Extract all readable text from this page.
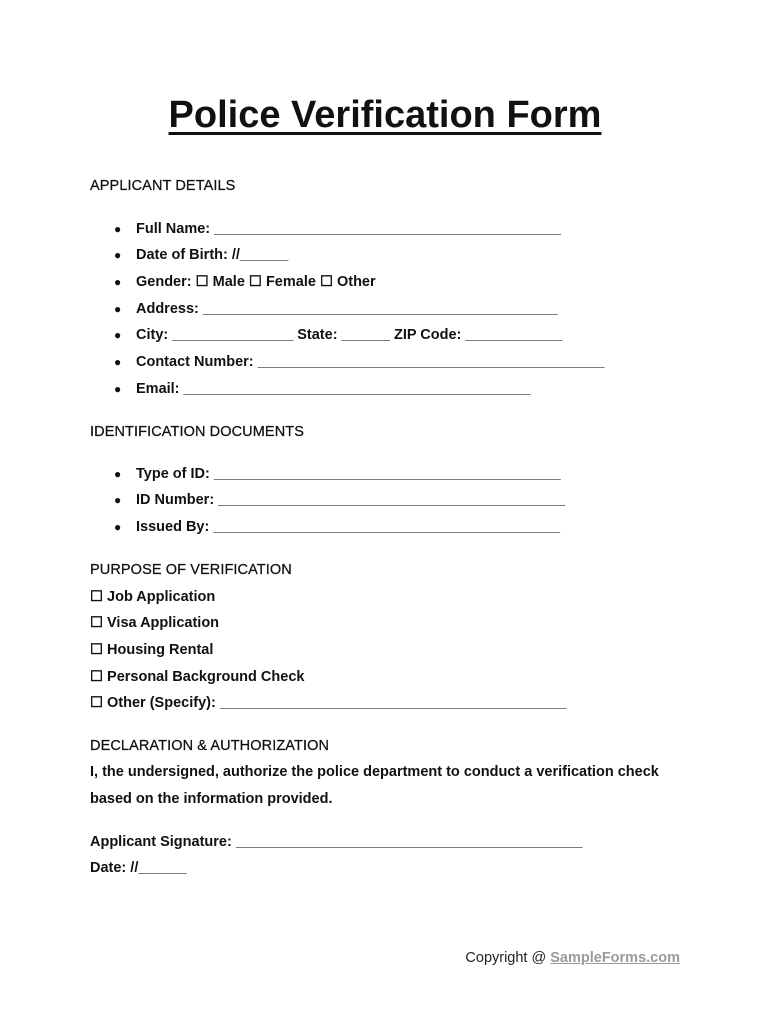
Police Verification Form
APPLICANT DETAILS
● Full Name: ___________________________________________
● Date of Birth: //______
● Gender: ☐ Male ☐ Female ☐ Other
● Address: ____________________________________________
● City: _______________ State: ______ ZIP Code: ____________
● Contact Number: ___________________________________________
● Email: ___________________________________________
IDENTIFICATION DOCUMENTS
● Type of ID: ___________________________________________
● ID Number: ___________________________________________
● Issued By: ___________________________________________
PURPOSE OF VERIFICATION

☐ Job Application

☐ Visa Application

☐ Housing Rental

☐ Personal Background Check

☐ Other (Specify): ___________________________________________

DECLARATION & AUTHORIZATION

I, the undersigned, authorize the police department to conduct a verification check based on the information provided.

Applicant Signature: ___________________________________________

Date: //______

Copyright @ SampleForms.com
